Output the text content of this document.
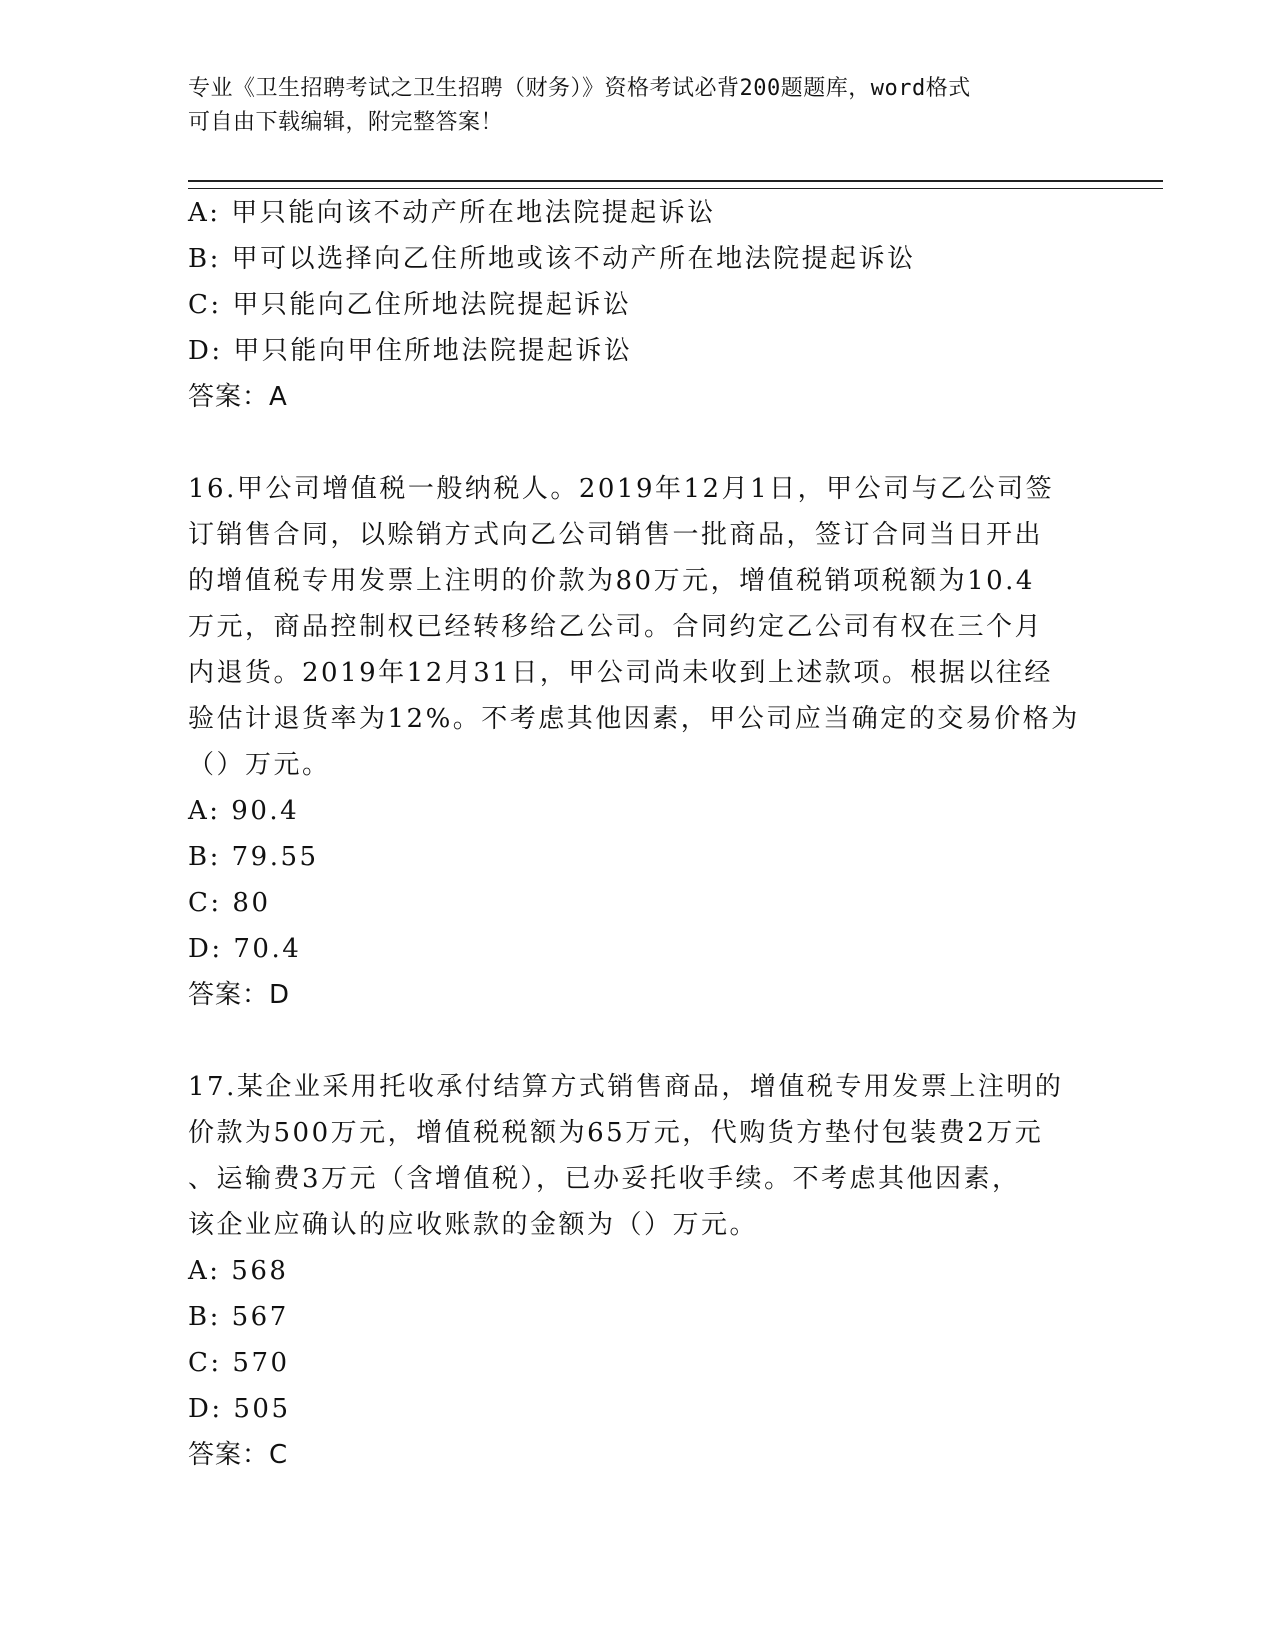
专业《卫生招聘考试之卫生招聘（财务）》资格考试必背200题题库，word格式
可自由下载编辑，附完整答案！
A: 甲只能向该不动产所在地法院提起诉讼
B: 甲可以选择向乙住所地或该不动产所在地法院提起诉讼
C: 甲只能向乙住所地法院提起诉讼
D: 甲只能向甲住所地法院提起诉讼
答案：A
16.甲公司增值税一般纳税人。2019年12月1日，甲公司与乙公司签
订销售合同，以赊销方式向乙公司销售一批商品，签订合同当日开出
的增值税专用发票上注明的价款为80万元，增值税销项税额为10.4
万元，商品控制权已经转移给乙公司。合同约定乙公司有权在三个月
内退货。2019年12月31日，甲公司尚未收到上述款项。根据以往经
验估计退货率为12%。不考虑其他因素，甲公司应当确定的交易价格为
（）万元。
A: 90.4
B: 79.55
C: 80
D: 70.4
答案：D
17.某企业采用托收承付结算方式销售商品，增值税专用发票上注明的
价款为500万元，增值税税额为65万元，代购货方垫付包装费2万元
、运输费3万元（含增值税），已办妥托收手续。不考虑其他因素，
该企业应确认的应收账款的金额为（）万元。
A: 568
B: 567
C: 570
D: 505
答案：C
